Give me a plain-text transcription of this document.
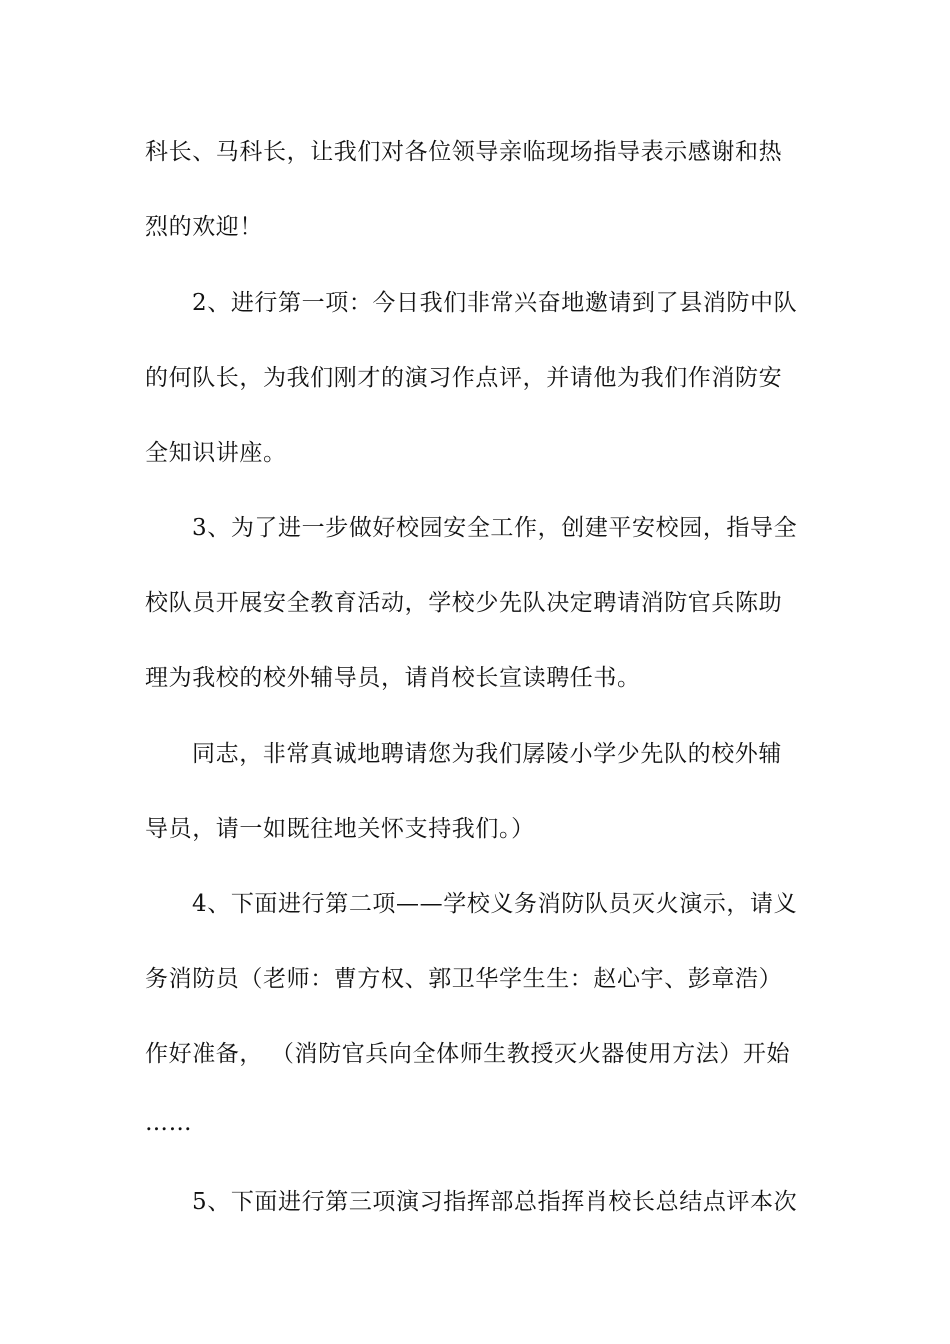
科长、马科长，让我们对各位领导亲临现场指导表示感谢和热
烈的欢迎！
2、进行第一项：今日我们非常兴奋地邀请到了县消防中队
的何队长，为我们刚才的演习作点评，并请他为我们作消防安
全知识讲座。
3、为了进一步做好校园安全工作，创建平安校园，指导全
校队员开展安全教育活动，学校少先队决定聘请消防官兵陈助
理为我校的校外辅导员，请肖校长宣读聘任书。
同志，非常真诚地聘请您为我们孱陵小学少先队的校外辅
导员，请一如既往地关怀支持我们。）
4、下面进行第二项——学校义务消防队员灭火演示，请义
务消防员（老师：曹方权、郭卫华学生生：赵心宇、彭章浩）
作好准备， （消防官兵向全体师生教授灭火器使用方法）开始
……
5、下面进行第三项演习指挥部总指挥肖校长总结点评本次
